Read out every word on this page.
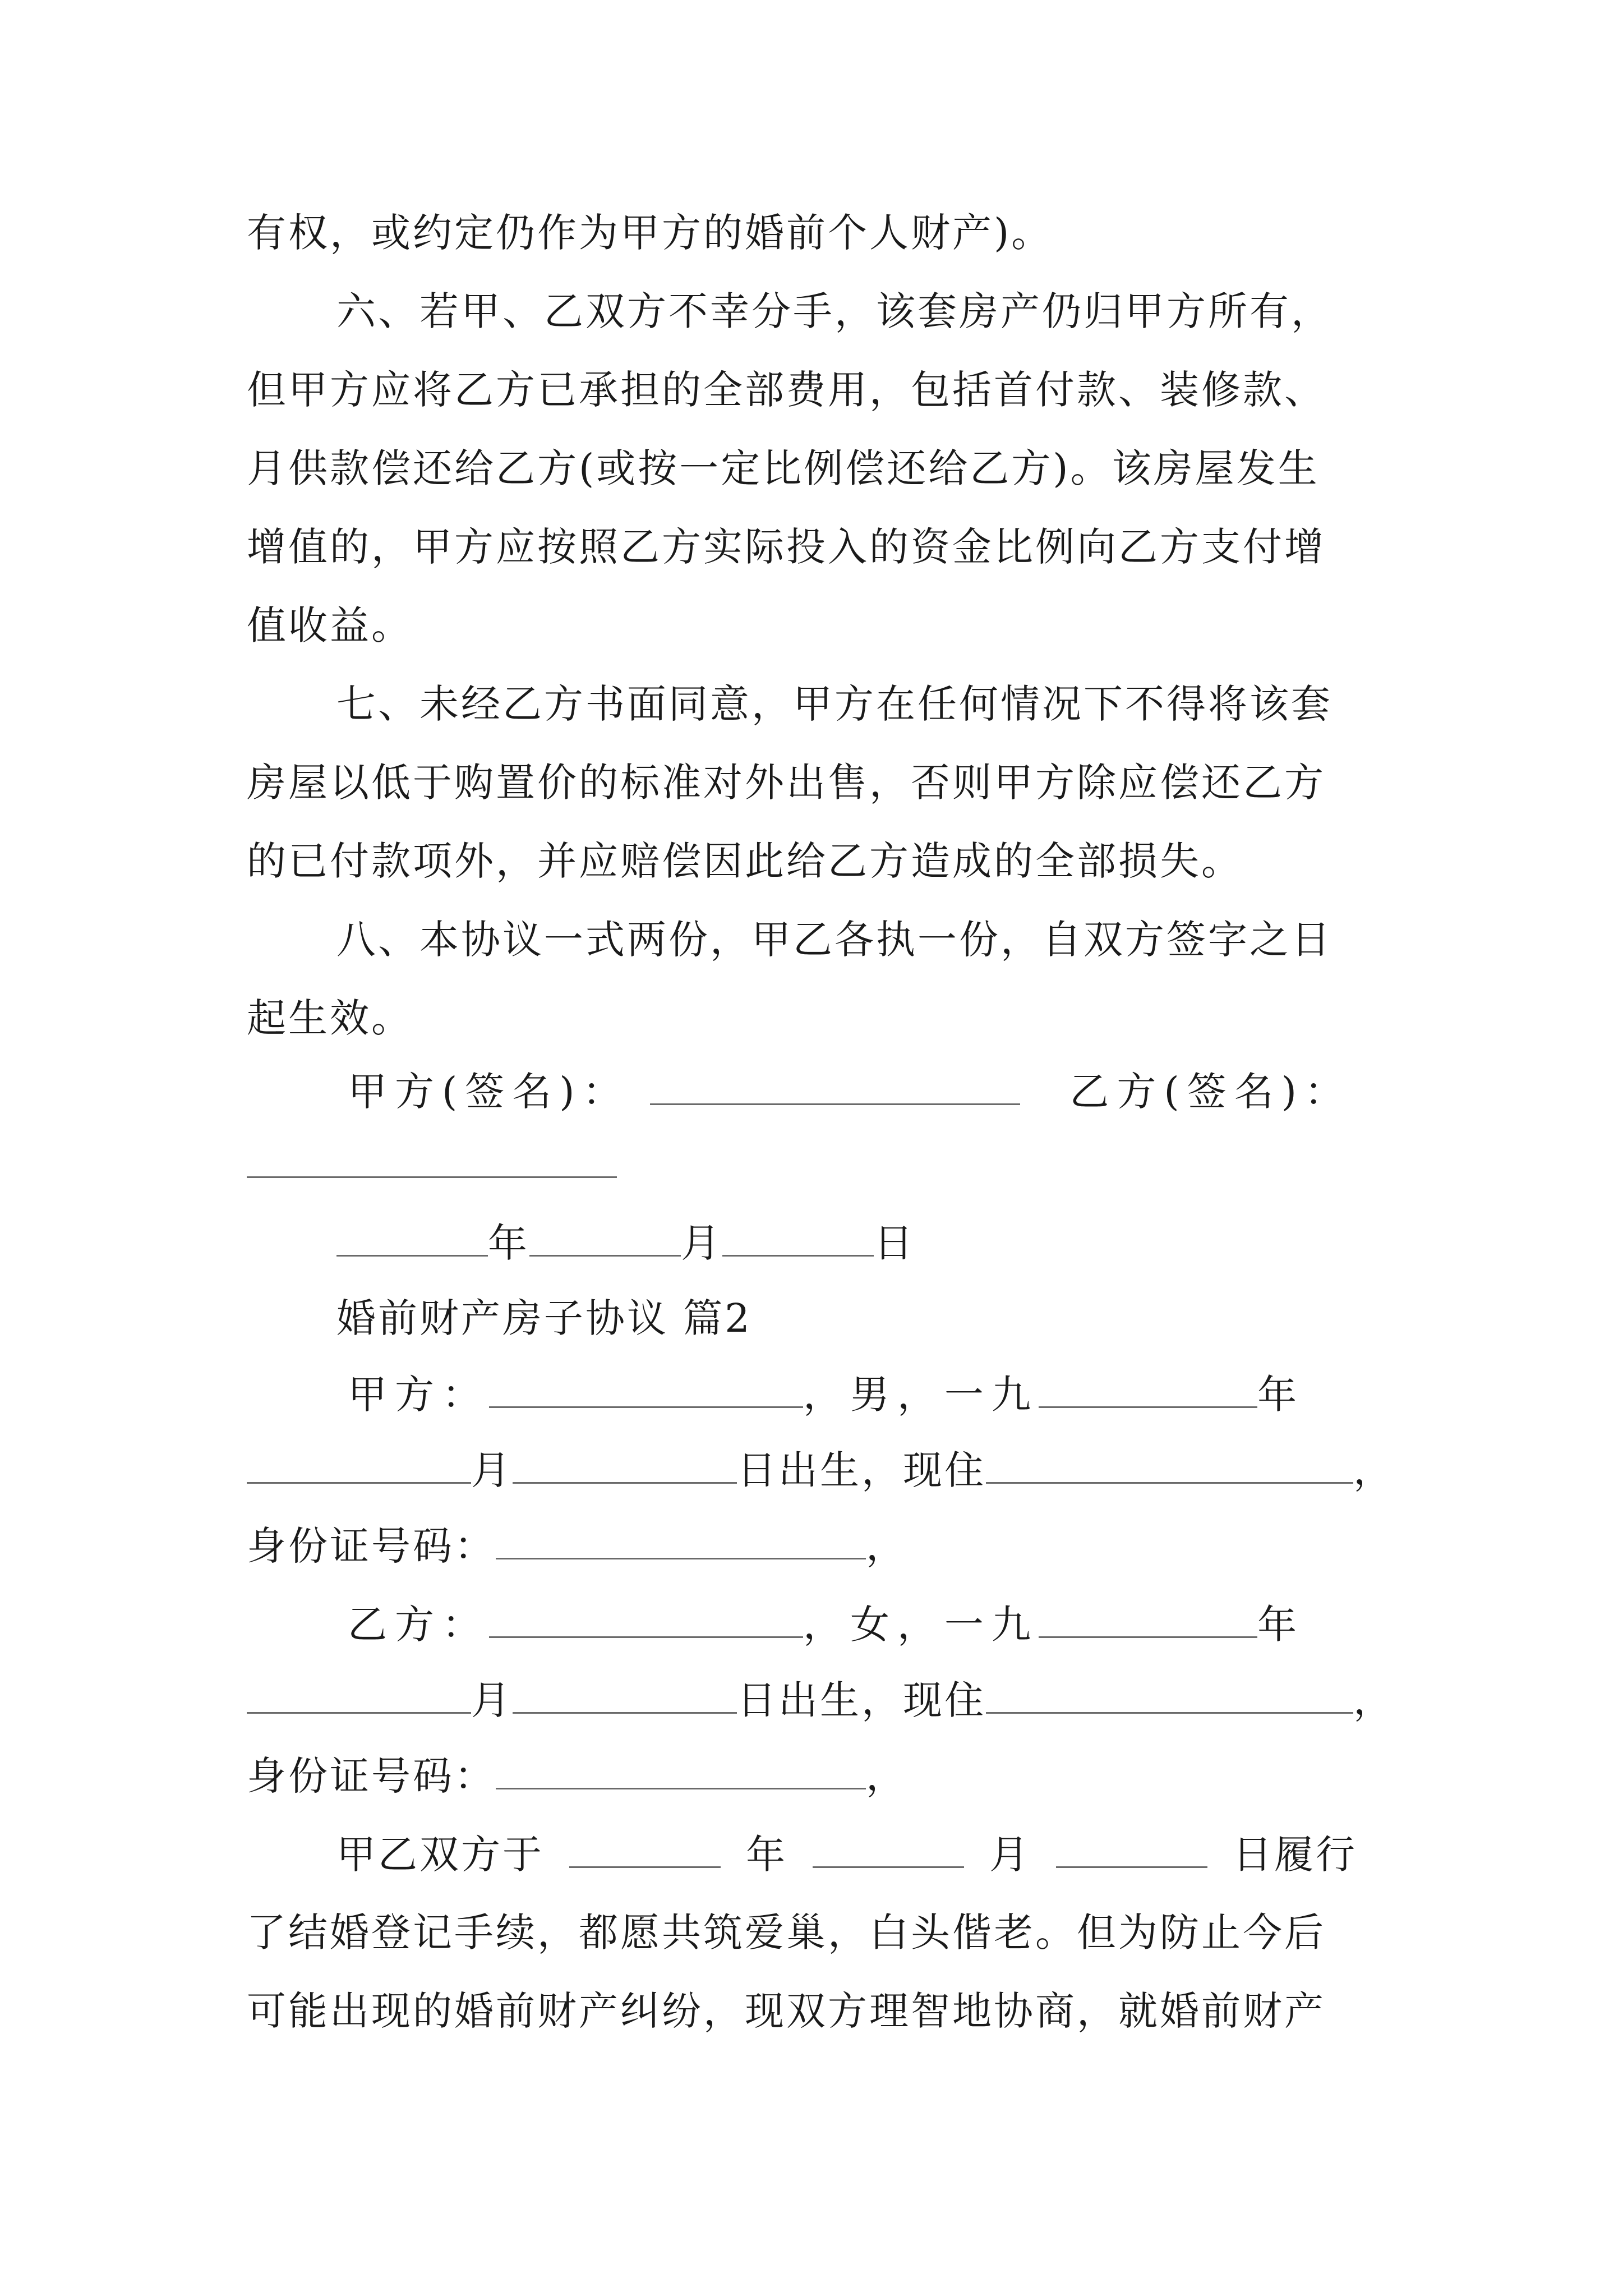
有权，或约定仍作为甲方的婚前个人财产)。
六、若甲、乙双方不幸分手，该套房产仍归甲方所有，
但甲方应将乙方已承担的全部费用，包括首付款、装修款、
月供款偿还给乙方(或按一定比例偿还给乙方)。该房屋发生
增值的，甲方应按照乙方实际投入的资金比例向乙方支付增
值收益。
七、未经乙方书面同意，甲方在任何情况下不得将该套
房屋以低于购置价的标准对外出售，否则甲方除应偿还乙方
的已付款项外，并应赔偿因此给乙方造成的全部损失。
八、本协议一式两份，甲乙各执一份，自双方签字之日
起生效。
甲方(签名)：	乙方(签名)：
年	月	日
婚前财产房子协议 篇2
甲方：	，男，一九	年
月	日出生，现住	，
身份证号码：	，
乙方：	，女，一九	年
月	日出生，现住	，
身份证号码：	，
甲乙双方于	年	月	日履行
了结婚登记手续，都愿共筑爱巢，白头偕老。但为防止今后
可能出现的婚前财产纠纷，现双方理智地协商，就婚前财产
